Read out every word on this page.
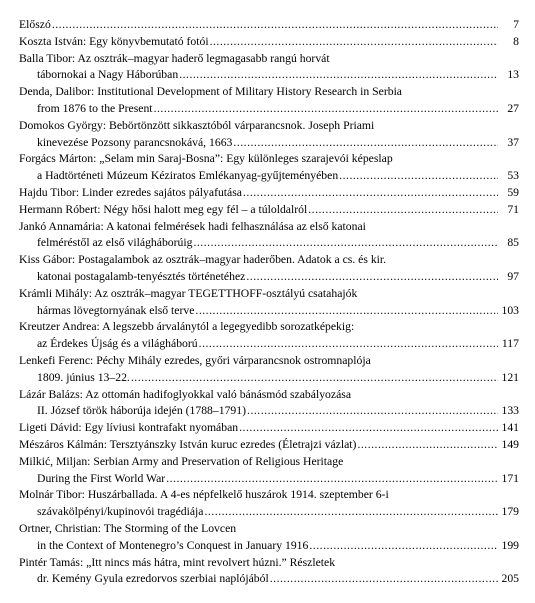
Előszó .....	7
Koszta István: Egy könyvbemutató fotói .....	8
Balla Tibor: Az osztrák–magyar haderő legmagasabb rangú horvát
tábornokai a Nagy Háborúban .....	13
Denda, Dalibor: Institutional Development of Military History Research in Serbia
from 1876 to the Present .....	27
Domokos György: Bebörtönzött sikkasztóból várparancsnok. Joseph Priami
kinevezése Pozsony parancsnokává, 1663 .....	37
Forgács Márton: „Selam min Saraj-Bosna”: Egy különleges szarajevói képeslap
a Hadtörténeti Múzeum Kéziratos Emlékanyag-gyűjteményében .....	53
Hajdu Tibor: Linder ezredes sajátos pályafutása .....	59
Hermann Róbert: Négy hősi halott meg egy fél – a túloldalról .....	71
Jankó Annamária: A katonai felmérések hadi felhasználása az első katonai
felméréstől az első világháborúig .....	85
Kiss Gábor: Postagalambok az osztrák–magyar haderőben. Adatok a cs. és kir.
katonai postagalamb-tenyésztés történetéhez .....	97
Krámli Mihály: Az osztrák–magyar TEGETTHOFF-osztályú csatahajók
hármas lövegtornyának első terve .....	103
Kreutzer Andrea: A legszebb árvalánytól a legegyedibb sorozatképekig:
az Érdekes Újság és a világháború .....	117
Lenkefi Ferenc: Péchy Mihály ezredes, győri várparancsnok ostromnaplója
1809. június 13–22. .....	121
Lázár Balázs: Az ottomán hadifoglyokkal való bánásmód szabályozása
II. József török háborúja idején (1788–1791) .....	133
Ligeti Dávid: Egy líviusi kontrafakt nyomában .....	141
Mészáros Kálmán: Tersztyánszky István kuruc ezredes (Életrajzi vázlat) .....	149
Milkić, Miljan: Serbian Army and Preservation of Religious Heritage
During the First World War .....	171
Molnár Tibor: Huszárballada. A 4-es népfelkelő huszárok 1914. szeptember 6-i
szávakölpényi/kupinovói tragédiája .....	179
Ortner, Christian: The Storming of the Lovcen
in the Context of Montenegro’s Conquest in January 1916 .....	199
Pintér Tamás: „Itt nincs más hátra, mint revolvert húzni.” Részletek
dr. Kemény Gyula ezredorvos szerbiai naplójából .....	205
